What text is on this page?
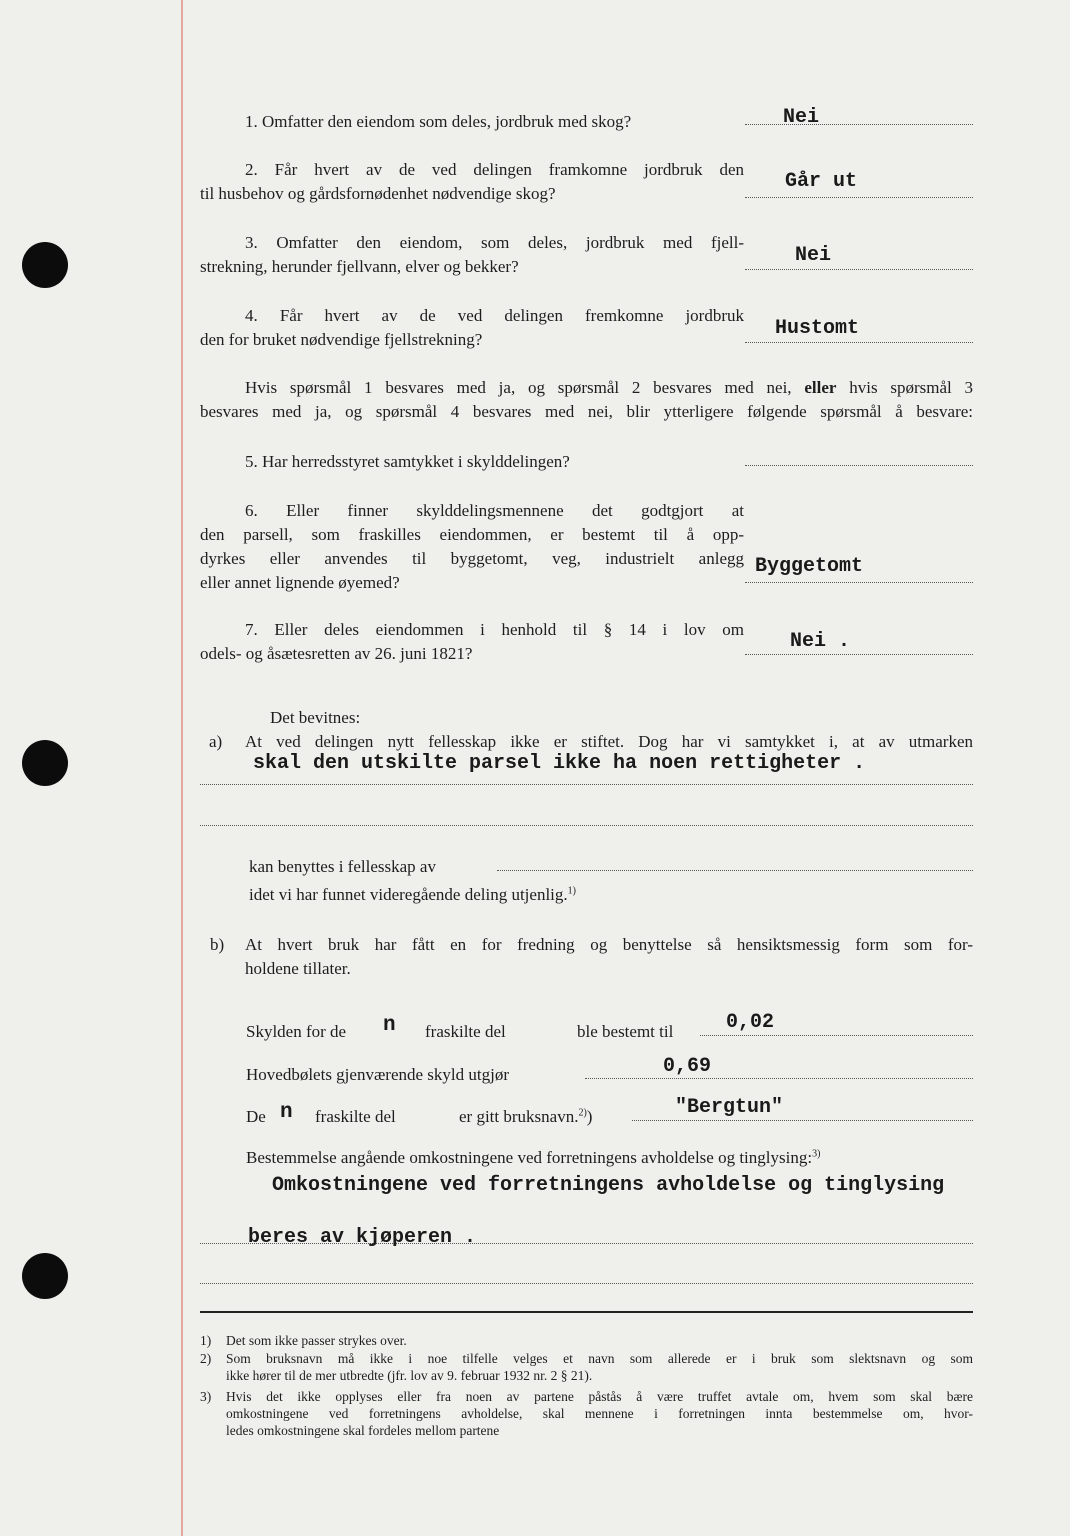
1. Omfatter den eiendom som deles, jordbruk med skog?	Nei
2. Får hvert av de ved delingen framkomne jordbruk den
til husbehov og gårdsfornødenhet nødvendige skog?
Går ut
3. Omfatter den eiendom, som deles, jordbruk med fjell-
strekning, herunder fjellvann, elver og bekker?	Nei
4. Får hvert av de ved delingen fremkomne jordbruk
den for bruket nødvendige fjellstrekning?	Hustomt
Hvis spørsmål 1 besvares med ja, og spørsmål 2 besvares med nei, eller hvis spørsmål 3
besvares med ja, og spørsmål 4 besvares med nei, blir ytterligere følgende spørsmål å besvare:
5. Har herredsstyret samtykket i skylddelingen?
6. Eller finner skylddelingsmennene det godtgjort at
den parsell, som fraskilles eiendommen, er bestemt til å opp-
dyrkes eller anvendes til byggetomt, veg, industrielt anlegg
eller annet lignende øyemed?
Byggetomt
7. Eller deles eiendommen i henhold til § 14 i lov om
odels- og åsætesretten av 26. juni 1821?
Nei .
Det bevitnes:
a) At ved delingen nytt fellesskap ikke er stiftet. Dog har vi samtykket i, at av utmarken
skal den utskilte parsel ikke ha noen rettigheter .
kan benyttes i fellesskap av
idet vi har funnet videregående deling utjenlig.$^{1)}$
b) At hvert bruk har fått en for fredning og benyttelse så hensiktsmessig form som for-
holdene tillater.
Skylden for de n fraskilte del	ble bestemt til	0,02
Hovedbølets gjenværende skyld utgjør	0,69
De n fraskilte del	er gitt bruksnavn.$^{2)}$)	"Bergtun"
Bestemmelse angående omkostningene ved forretningens avholdelse og tinglysing:$^{3)}$
Omkostningene ved forretningens avholdelse og tinglysing
beres av kjøperen .
1) Det som ikke passer strykes over.
2) Som bruksnavn må ikke i noe tilfelle velges et navn som allerede er i bruk som slektsnavn og som
ikke hører til de mer utbredte (jfr. lov av 9. februar 1932 nr. 2 § 21).
3) Hvis det ikke opplyses eller fra noen av partene påstås å være truffet avtale om, hvem som skal bære
omkostningene ved forretningens avholdelse, skal mennene i forretningen innta bestemmelse om, hvor-
ledes omkostningene skal fordeles mellom partene
